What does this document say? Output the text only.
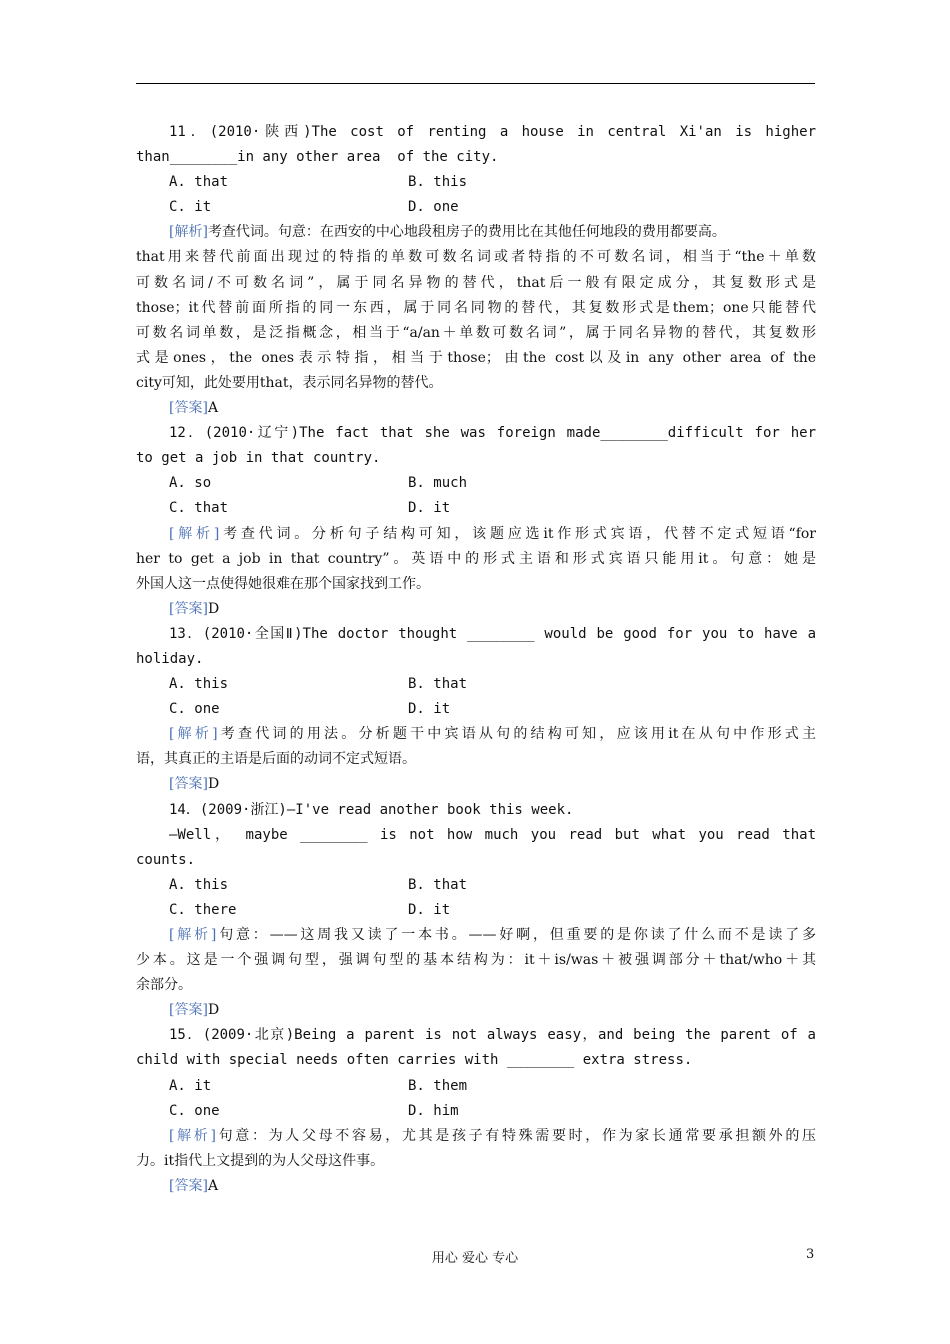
11．(2010·陕西)The cost of renting a house in central Xi'an is higher
than________in any other area  of the city.
A. that	B. this
C. it	D. one
[解析]考查代词。句意：在西安的中心地段租房子的费用比在其他任何地段的费用都要高。
that用来替代前面出现过的特指的单数可数名词或者特指的不可数名词，相当于“the＋单数
可数名词/不可数名词”，属于同名异物的替代，that后一般有限定成分，其复数形式是
those；it代替前面所指的同一东西，属于同名同物的替代，其复数形式是them；one只能替代
可数名词单数，是泛指概念，相当于“a/an＋单数可数名词”，属于同名异物的替代，其复数形
式是ones，the ones表示特指，相当于those；由the cost以及in any other area of the
city可知，此处要用that，表示同名异物的替代。
[答案]A
12．(2010·辽宁)The fact that she was foreign made________difficult for her
to get a job in that country.
A. so	B. much
C. that	D. it
[解析]考查代词。分析句子结构可知，该题应选it作形式宾语，代替不定式短语“for
her to get a job in that country”。英语中的形式主语和形式宾语只能用it。句意：她是
外国人这一点使得她很难在那个国家找到工作。
[答案]D
13．(2010·全国Ⅱ)The doctor thought ________ would be good for you to have a
holiday.
A. this	B. that
C. one	D. it
[解析]考查代词的用法。分析题干中宾语从句的结构可知，应该用it在从句中作形式主
语，其真正的主语是后面的动词不定式短语。
[答案]D
14．(2009·浙江)—I've read another book this week.
—Well， maybe ________ is not how much you read but what you read that
counts.
A. this	B. that
C. there	D. it
[解析]句意：——这周我又读了一本书。——好啊，但重要的是你读了什么而不是读了多
少本。这是一个强调句型，强调句型的基本结构为：it＋is/was＋被强调部分＋that/who＋其
余部分。
[答案]D
15．(2009·北京)Being a parent is not always easy，and being the parent of a
child with special needs often carries with ________ extra stress.
A. it	B. them
C. one	D. him
[解析]句意：为人父母不容易，尤其是孩子有特殊需要时，作为家长通常要承担额外的压
力。it指代上文提到的为人父母这件事。
[答案]A
用心 爱心 专心	3
